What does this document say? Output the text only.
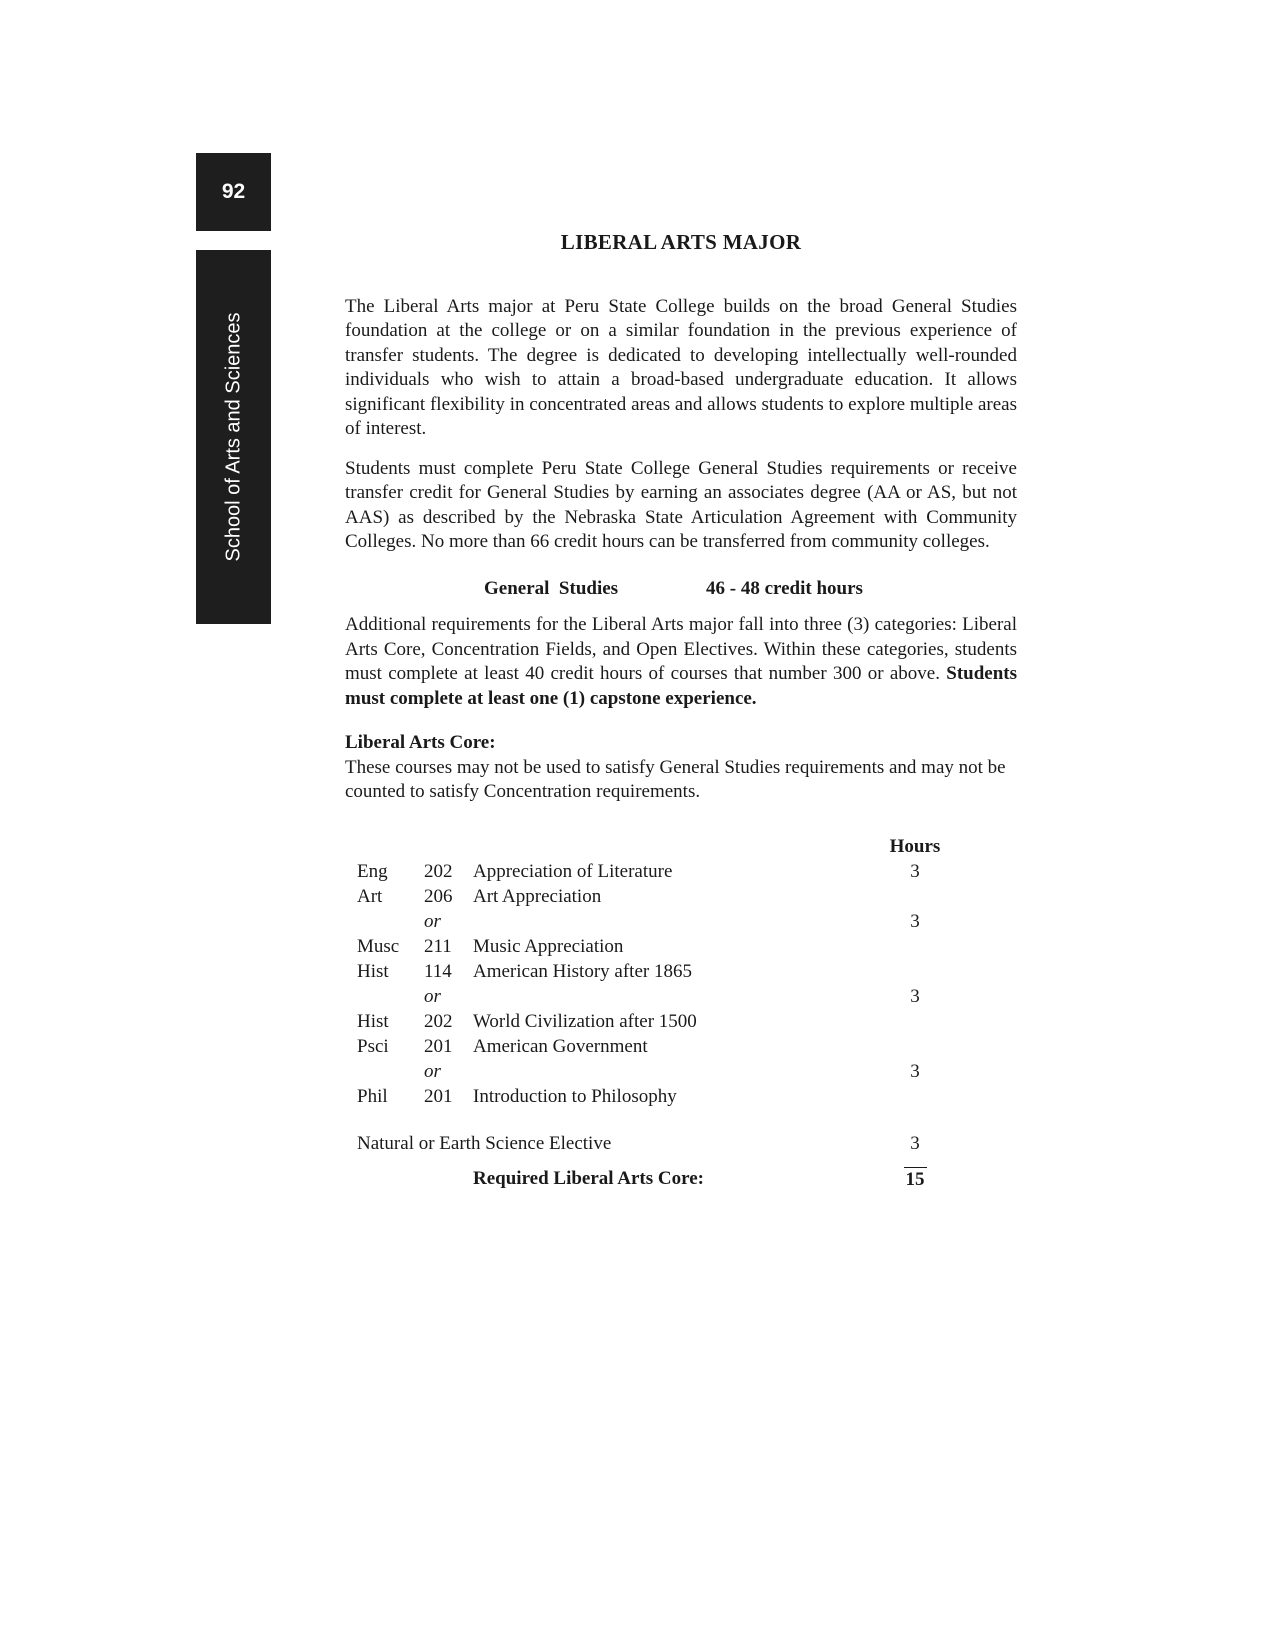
92
School of Arts and Sciences
LIBERAL ARTS MAJOR

The Liberal Arts major at Peru State College builds on the broad General Studies foundation at the college or on a similar foundation in the previous experience of transfer students. The degree is dedicated to developing intellectually well-rounded individuals who wish to attain a broad-based undergraduate education. It allows significant flexibility in concentrated areas and allows students to explore multiple areas of interest.

Students must complete Peru State College General Studies requirements or receive transfer credit for General Studies by earning an associates degree (AA or AS, but not AAS) as described by the Nebraska State Articulation Agreement with Community Colleges. No more than 66 credit hours can be transferred from community colleges.

General  Studies	46 - 48 credit hours

Additional requirements for the Liberal Arts major fall into three (3) categories: Liberal Arts Core, Concentration Fields, and Open Electives. Within these categories, students must complete at least 40 credit hours of courses that number 300 or above. Students must complete at least one (1) capstone experience.

Liberal Arts Core:

These courses may not be used to satisfy General Studies requirements and may not be counted to satisfy Concentration requirements.

			Hours
Eng	202	Appreciation of Literature	3
Art	206	Art Appreciation	
	or		3
Musc	211	Music Appreciation	
Hist	114	American History after 1865	
	or		3
Hist	202	World Civilization after 1500	
Psci	201	American Government	
	or		3
Phil	201	Introduction to Philosophy	

Natural or Earth Science Elective			3
		Required Liberal Arts Core:	15
